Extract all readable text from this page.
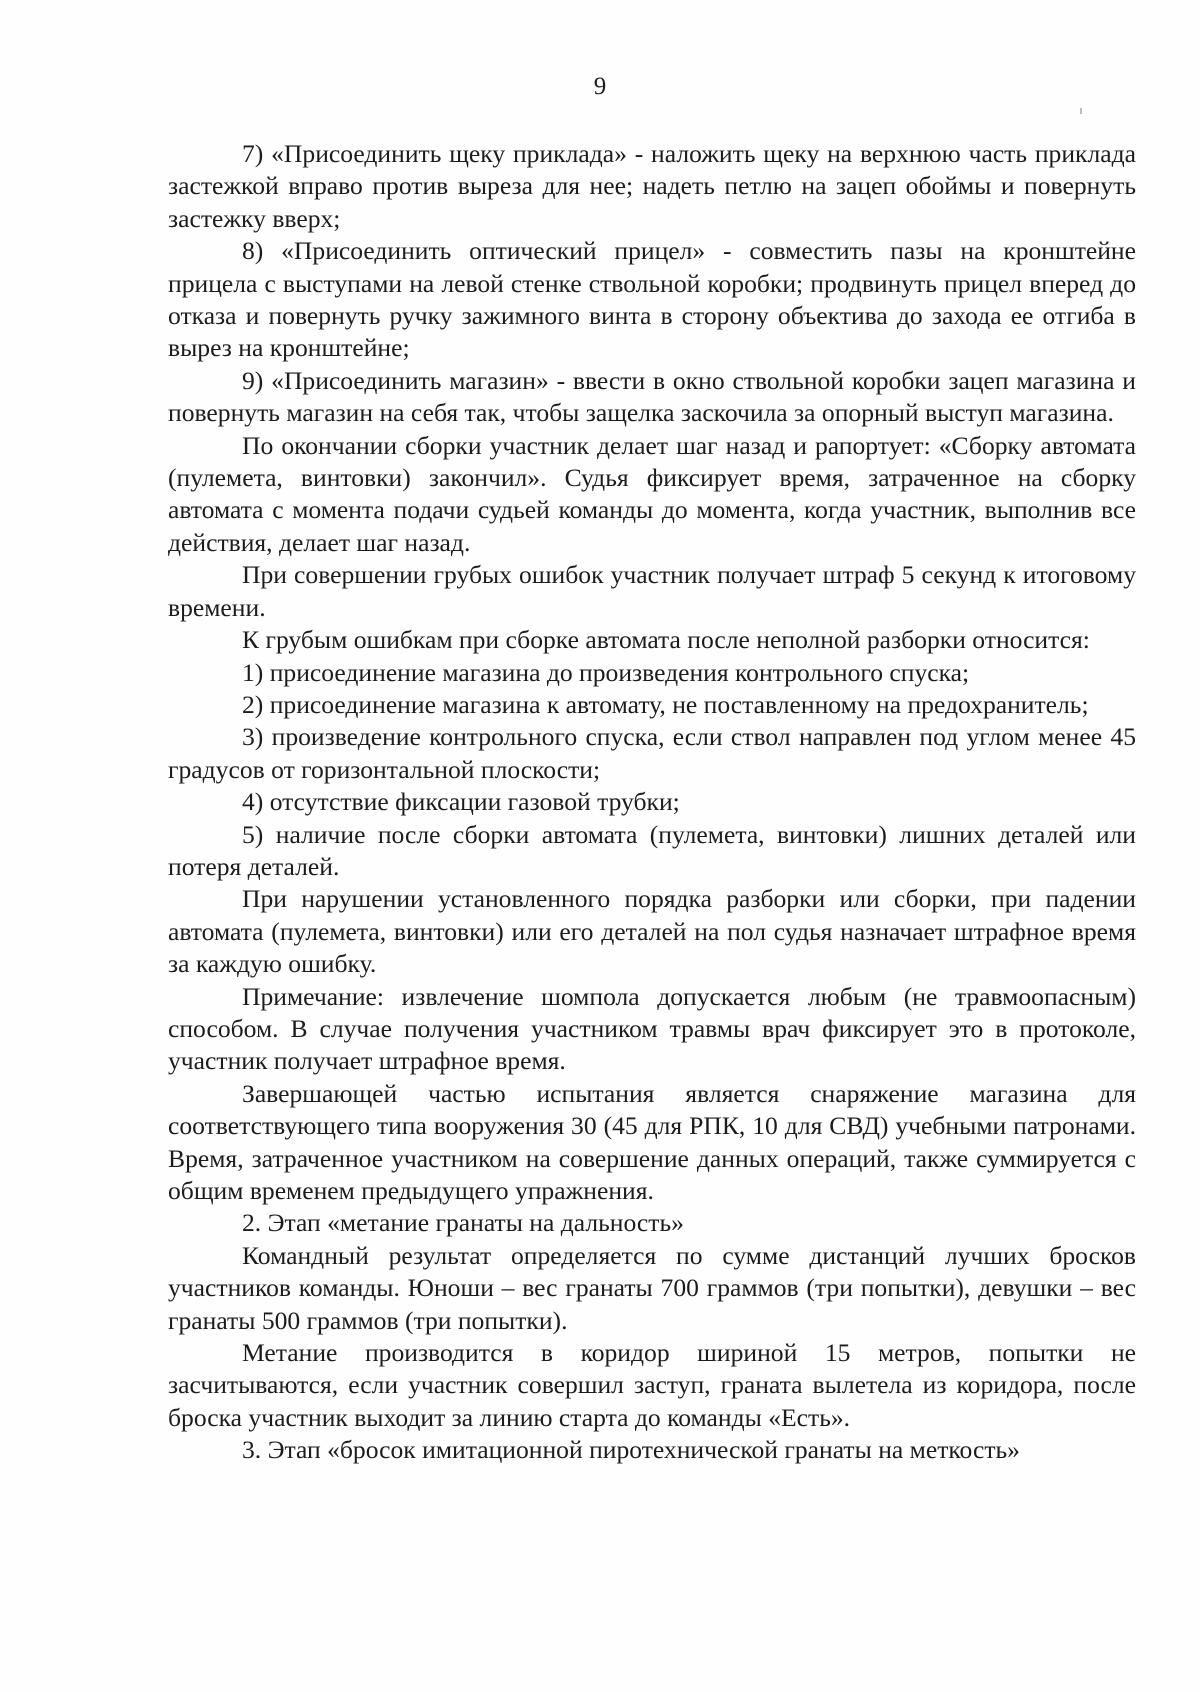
9

7) «Присоединить щеку приклада» - наложить щеку на верхнюю часть приклада застежкой вправо против выреза для нее; надеть петлю на зацеп обоймы и повернуть застежку вверх;

8) «Присоединить оптический прицел» - совместить пазы на кронштейне прицела с выступами на левой стенке ствольной коробки; продвинуть прицел вперед до отказа и повернуть ручку зажимного винта в сторону объектива до захода ее отгиба в вырез на кронштейне;

9) «Присоединить магазин» - ввести в окно ствольной коробки зацеп магазина и повернуть магазин на себя так, чтобы защелка заскочила за опорный выступ магазина.

По окончании сборки участник делает шаг назад и рапортует: «Сборку автомата (пулемета, винтовки) закончил». Судья фиксирует время, затраченное на сборку автомата с момента подачи судьей команды до момента, когда участник, выполнив все действия, делает шаг назад.

При совершении грубых ошибок участник получает штраф 5 секунд к итоговому времени.

К грубым ошибкам при сборке автомата после неполной разборки относится:

1) присоединение магазина до произведения контрольного спуска;

2) присоединение магазина к автомату, не поставленному на предохранитель;

3) произведение контрольного спуска, если ствол направлен под углом менее 45 градусов от горизонтальной плоскости;

4) отсутствие фиксации газовой трубки;

5) наличие после сборки автомата (пулемета, винтовки) лишних деталей или потеря деталей.

При нарушении установленного порядка разборки или сборки, при падении автомата (пулемета, винтовки) или его деталей на пол судья назначает штрафное время за каждую ошибку.

Примечание: извлечение шомпола допускается любым (не травмоопасным) способом. В случае получения участником травмы врач фиксирует это в протоколе, участник получает штрафное время.

Завершающей частью испытания является снаряжение магазина для соответствующего типа вооружения 30 (45 для РПК, 10 для СВД) учебными патронами. Время, затраченное участником на совершение данных операций, также суммируется с общим временем предыдущего упражнения.

2. Этап «метание гранаты на дальность»

Командный результат определяется по сумме дистанций лучших бросков участников команды. Юноши – вес гранаты 700 граммов (три попытки), девушки – вес гранаты 500 граммов (три попытки).

Метание производится в коридор шириной 15 метров, попытки не засчитываются, если участник совершил заступ, граната вылетела из коридора, после броска участник выходит за линию старта до команды «Есть».

3. Этап «бросок имитационной пиротехнической гранаты на меткость»
